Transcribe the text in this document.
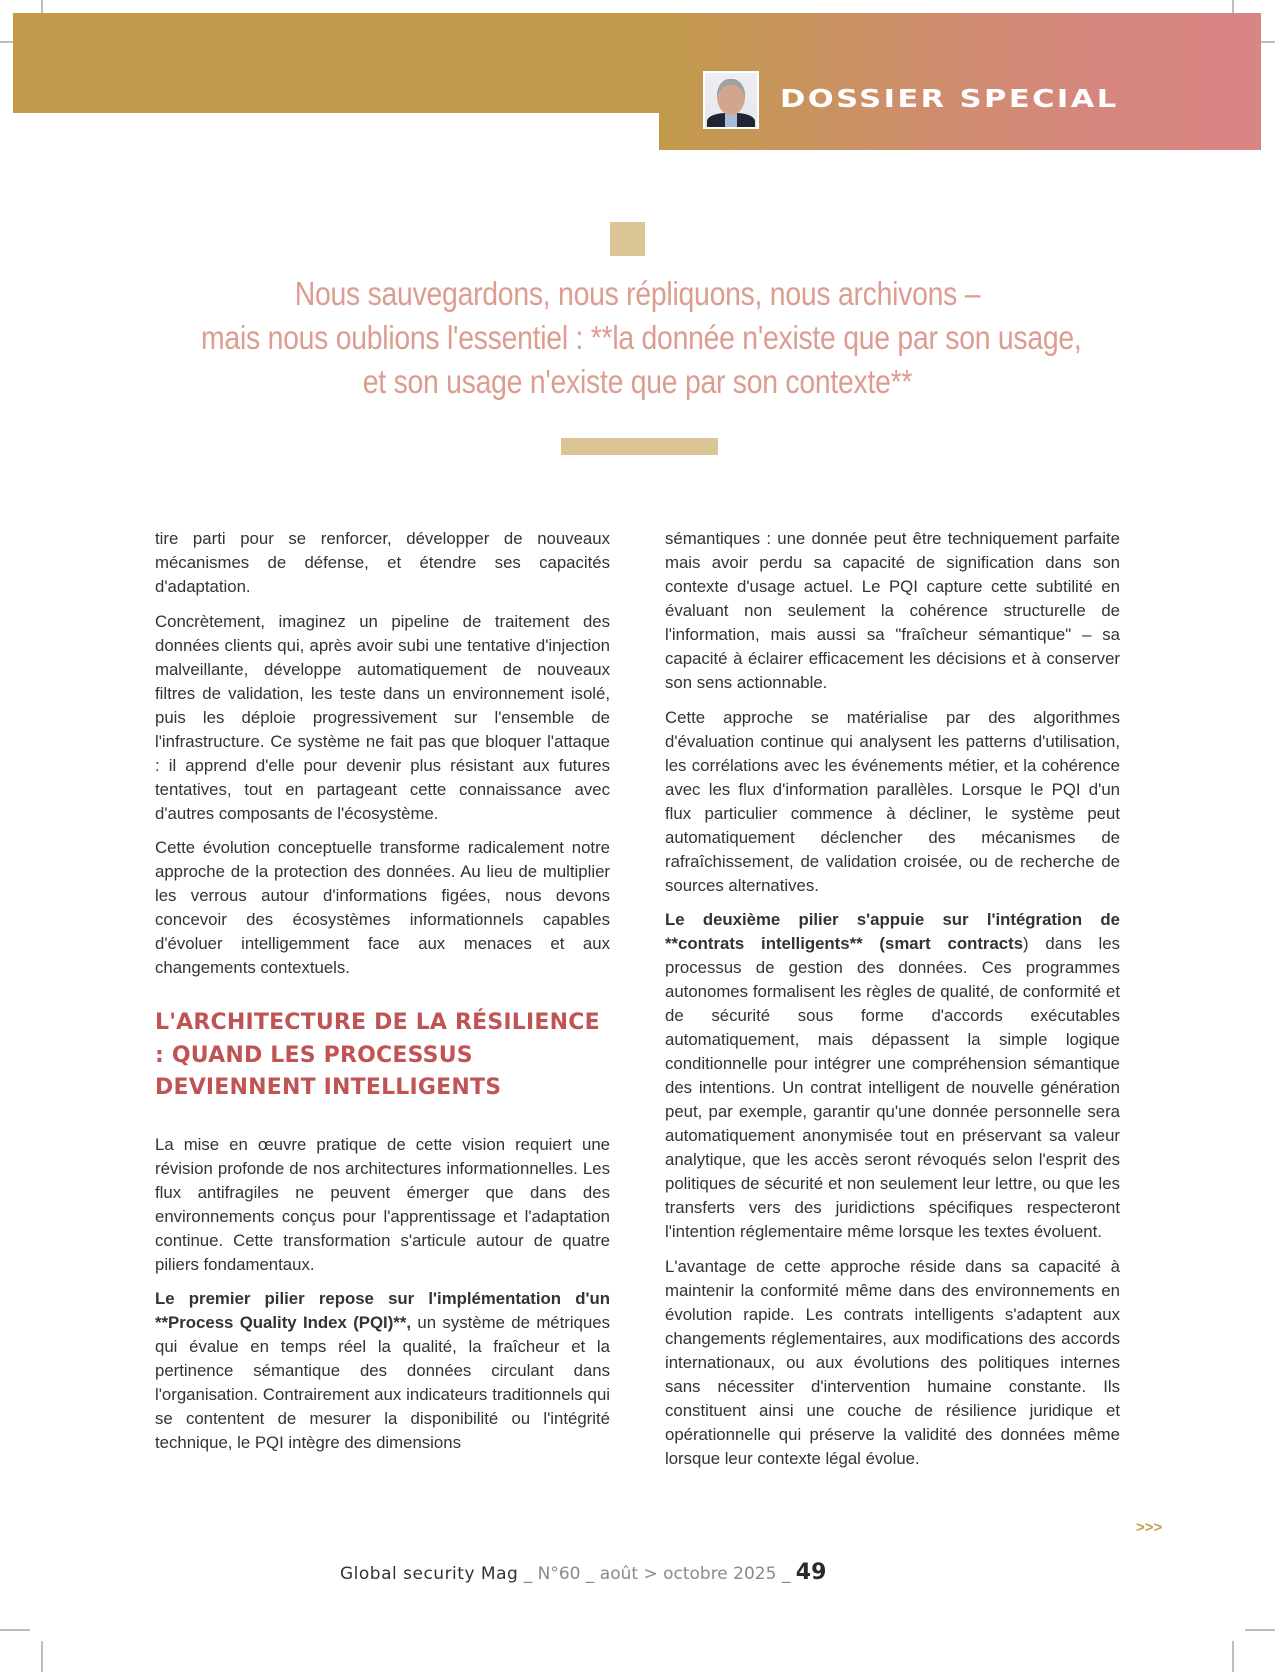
DOSSIER SPECIAL
Nous sauvegardons, nous répliquons, nous archivons –
mais nous oublions l'essentiel : **la donnée n'existe que par son usage,
et son usage n'existe que par son contexte**

tire parti pour se renforcer, développer de nouveaux mécanismes de défense, et étendre ses capacités d'adaptation.

Concrètement, imaginez un pipeline de traitement des données clients qui, après avoir subi une tentative d'injection malveillante, développe automatiquement de nouveaux filtres de validation, les teste dans un environnement isolé, puis les déploie progressivement sur l'ensemble de l'infrastructure. Ce système ne fait pas que bloquer l'attaque : il apprend d'elle pour devenir plus résistant aux futures tentatives, tout en partageant cette connaissance avec d'autres composants de l'écosystème.

Cette évolution conceptuelle transforme radicalement notre approche de la protection des données. Au lieu de multiplier les verrous autour d'informations figées, nous devons concevoir des écosystèmes informationnels capables d'évoluer intelligemment face aux menaces et aux changements contextuels.

L'ARCHITECTURE DE LA RÉSILIENCE : QUAND LES PROCESSUS DEVIENNENT INTELLIGENTS

La mise en œuvre pratique de cette vision requiert une révision profonde de nos architectures informationnelles. Les flux antifragiles ne peuvent émerger que dans des environnements conçus pour l'apprentissage et l'adaptation continue. Cette transformation s'articule autour de quatre piliers fondamentaux.

Le premier pilier repose sur l'implémentation d'un **Process Quality Index (PQI)**, un système de métriques qui évalue en temps réel la qualité, la fraîcheur et la pertinence sémantique des données circulant dans l'organisation. Contrairement aux indicateurs traditionnels qui se contentent de mesurer la disponibilité ou l'intégrité technique, le PQI intègre des dimensions

sémantiques : une donnée peut être techniquement parfaite mais avoir perdu sa capacité de signification dans son contexte d'usage actuel. Le PQI capture cette subtilité en évaluant non seulement la cohérence structurelle de l'information, mais aussi sa "fraîcheur sémantique" – sa capacité à éclairer efficacement les décisions et à conserver son sens actionnable.

Cette approche se matérialise par des algorithmes d'évaluation continue qui analysent les patterns d'utilisation, les corrélations avec les événements métier, et la cohérence avec les flux d'information parallèles. Lorsque le PQI d'un flux particulier commence à décliner, le système peut automatiquement déclencher des mécanismes de rafraîchissement, de validation croisée, ou de recherche de sources alternatives.

Le deuxième pilier s'appuie sur l'intégration de **contrats intelligents** (smart contracts) dans les processus de gestion des données. Ces programmes autonomes formalisent les règles de qualité, de conformité et de sécurité sous forme d'accords exécutables automatiquement, mais dépassent la simple logique conditionnelle pour intégrer une compréhension sémantique des intentions. Un contrat intelligent de nouvelle génération peut, par exemple, garantir qu'une donnée personnelle sera automatiquement anonymisée tout en préservant sa valeur analytique, que les accès seront révoqués selon l'esprit des politiques de sécurité et non seulement leur lettre, ou que les transferts vers des juridictions spécifiques respecteront l'intention réglementaire même lorsque les textes évoluent.

L'avantage de cette approche réside dans sa capacité à maintenir la conformité même dans des environnements en évolution rapide. Les contrats intelligents s'adaptent aux changements réglementaires, aux modifications des accords internationaux, ou aux évolutions des politiques internes sans nécessiter d'intervention humaine constante. Ils constituent ainsi une couche de résilience juridique et opérationnelle qui préserve la validité des données même lorsque leur contexte légal évolue.

>>>
Global security Mag _ N°60 _ août > octobre 2025 _ 49
